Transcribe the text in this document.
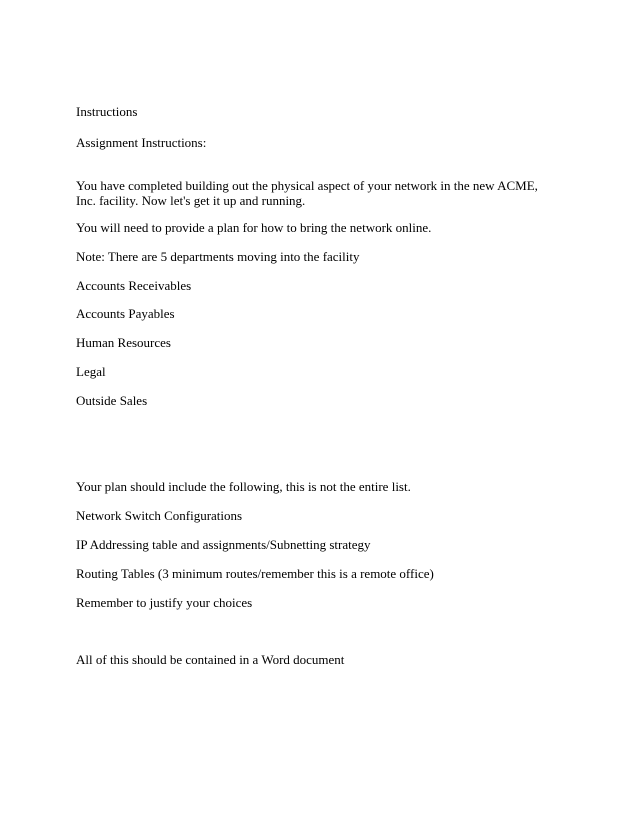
Instructions
Assignment Instructions:
You have completed building out the physical aspect of your network in the new ACME, Inc. facility. Now let's get it up and running.
You will need to provide a plan for how to bring the network online.
Note: There are 5 departments moving into the facility
Accounts Receivables
Accounts Payables
Human Resources
Legal
Outside Sales
Your plan should include the following, this is not the entire list.
Network Switch Configurations
IP Addressing table and assignments/Subnetting strategy
Routing Tables (3 minimum routes/remember this is a remote office)
Remember to justify your choices
All of this should be contained in a Word document
